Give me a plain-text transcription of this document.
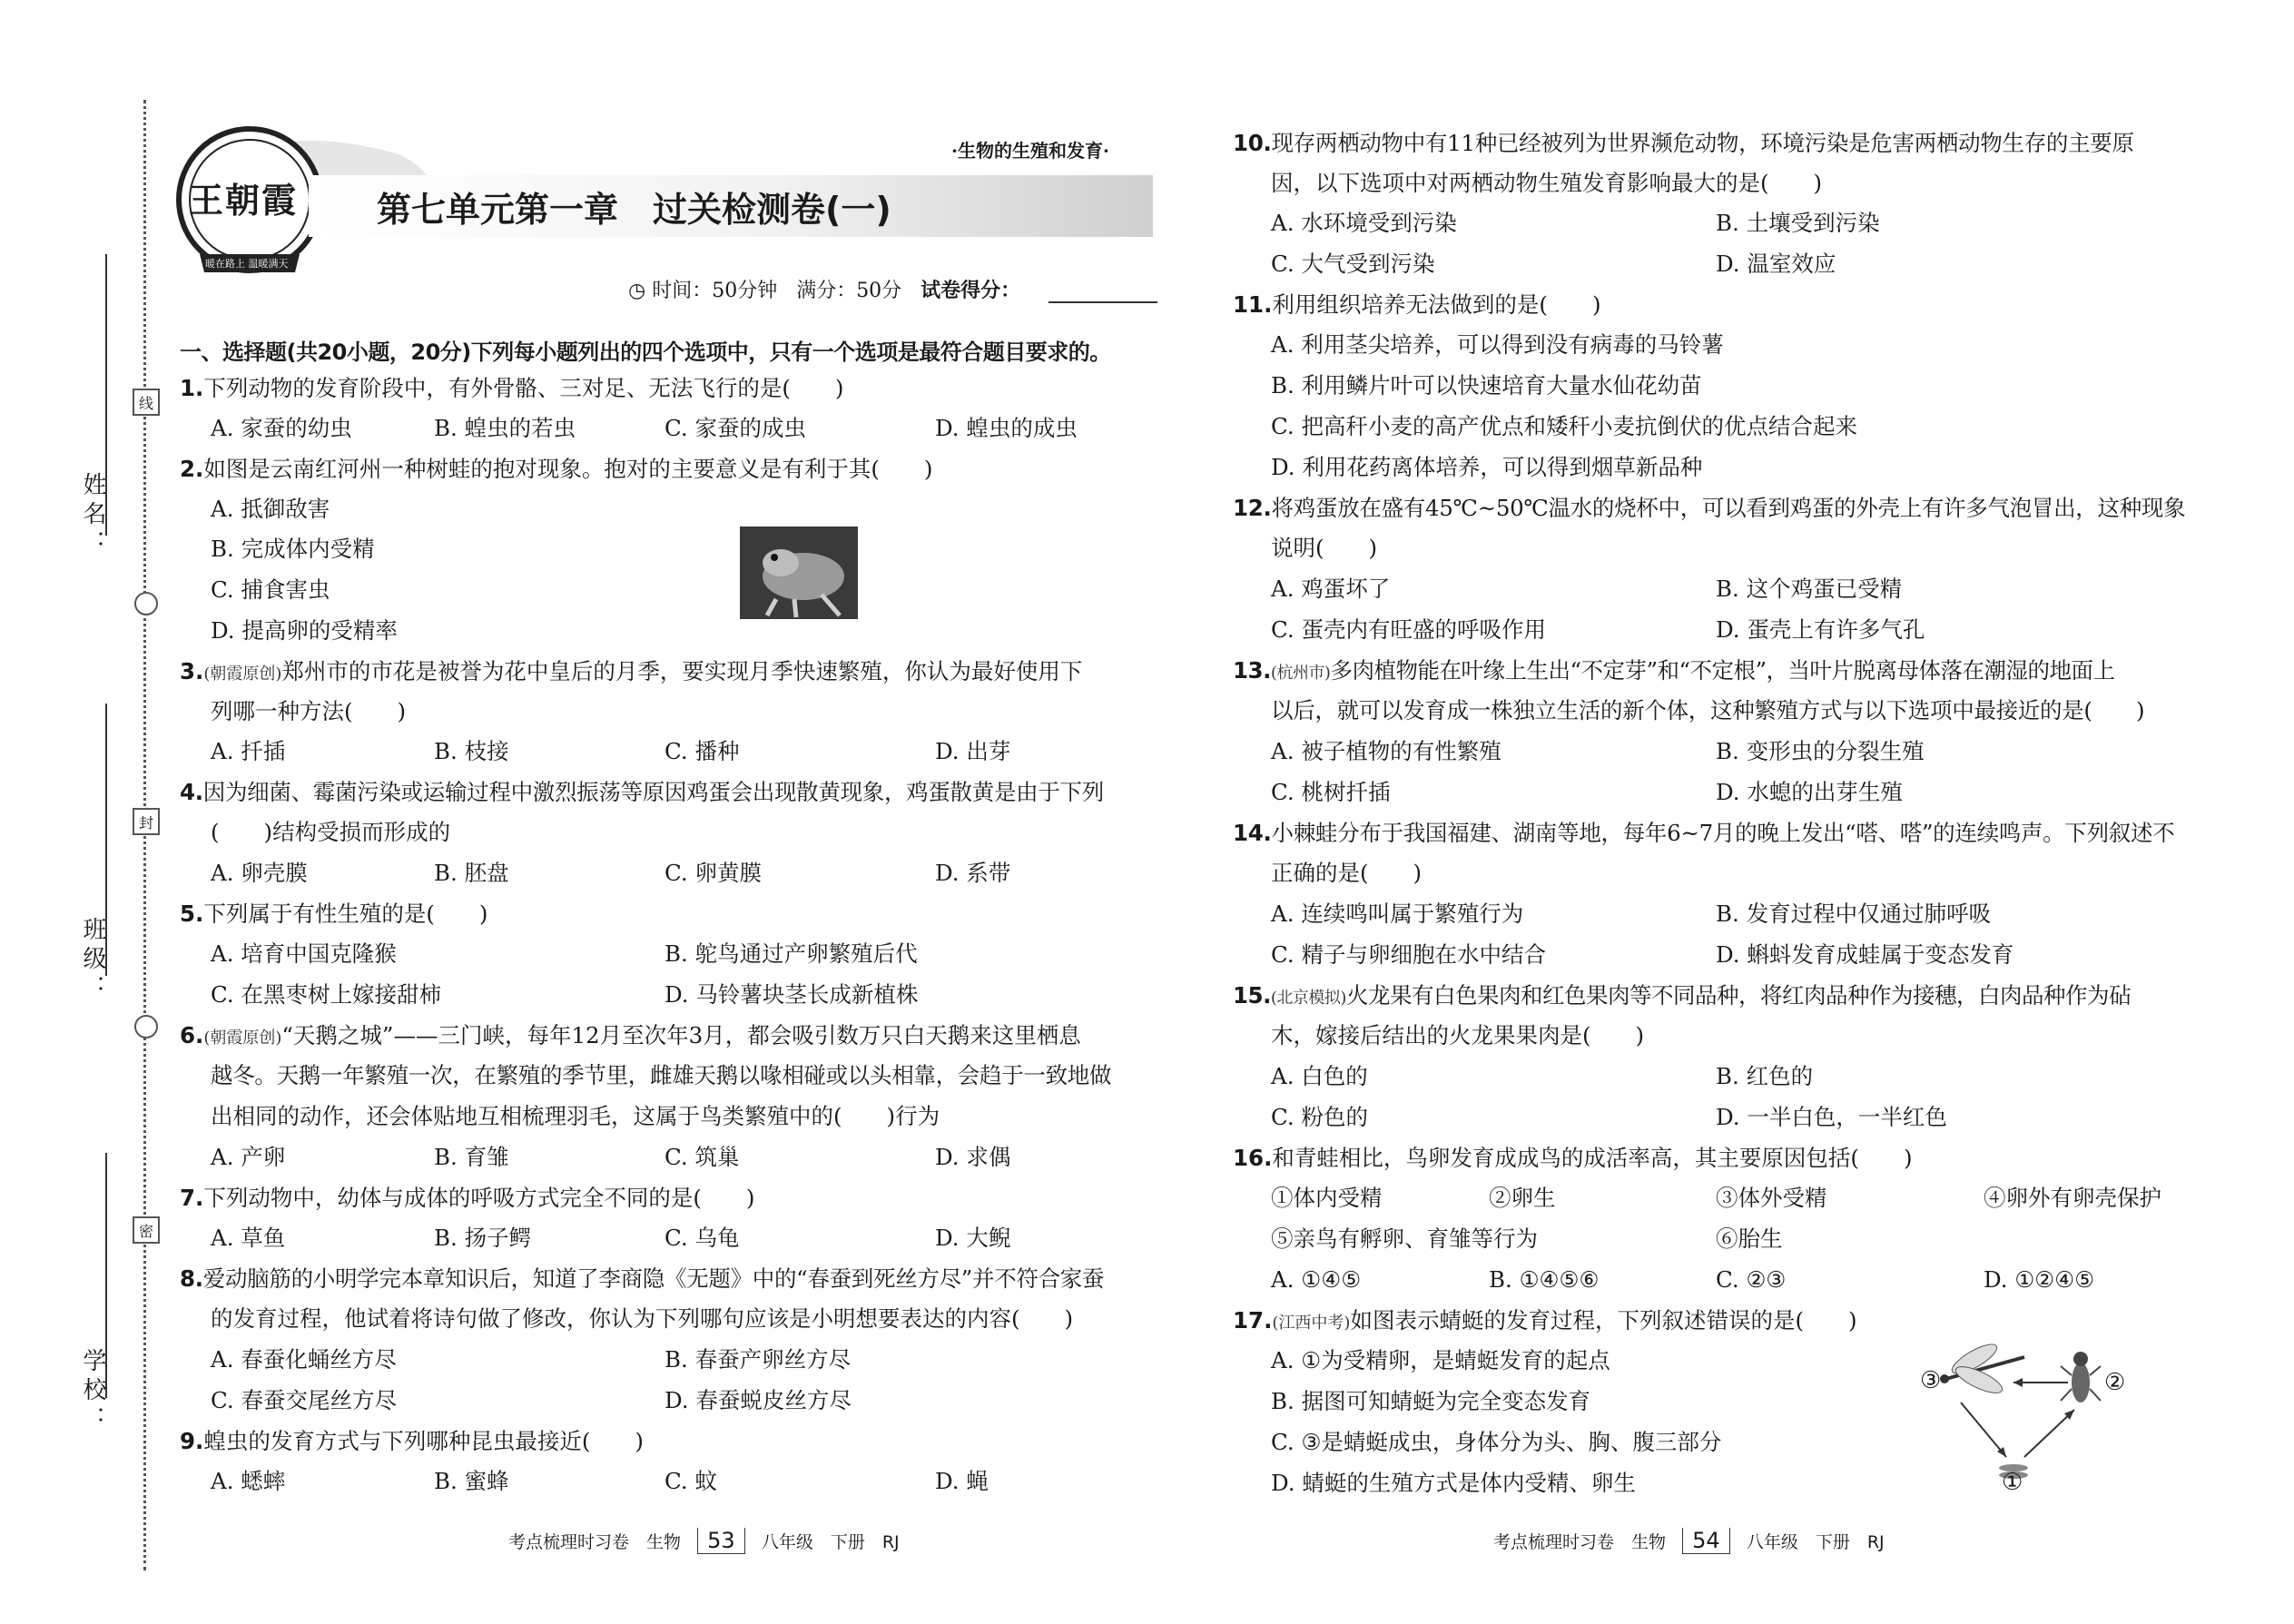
姓名：
班级：
学校：
线
封
密
王朝霞
暖在路上 温暖满天
·生物的生殖和发育·
第七单元第一章　过关检测卷(一)
◷ 时间：50分钟 满分：50分 试卷得分：
一、选择题(共20小题，20分)下列每小题列出的四个选项中，只有一个选项是最符合题目要求的。
1.下列动物的发育阶段中，有外骨骼、三对足、无法飞行的是(　　)
A. 家蚕的幼虫	B. 蝗虫的若虫	C. 家蚕的成虫	D. 蝗虫的成虫
2.如图是云南红河州一种树蛙的抱对现象。抱对的主要意义是有利于其(　　)
A. 抵御敌害
B. 完成体内受精
C. 捕食害虫
D. 提高卵的受精率
3.(朝霞原创)郑州市的市花是被誉为花中皇后的月季，要实现月季快速繁殖，你认为最好使用下
列哪一种方法(　　)
A. 扦插	B. 枝接	C. 播种	D. 出芽
4.因为细菌、霉菌污染或运输过程中激烈振荡等原因鸡蛋会出现散黄现象，鸡蛋散黄是由于下列
(　　)结构受损而形成的
A. 卵壳膜	B. 胚盘	C. 卵黄膜	D. 系带
5.下列属于有性生殖的是(　　)
A. 培育中国克隆猴	B. 鸵鸟通过产卵繁殖后代
C. 在黑枣树上嫁接甜柿	D. 马铃薯块茎长成新植株
6.(朝霞原创)“天鹅之城”——三门峡，每年12月至次年3月，都会吸引数万只白天鹅来这里栖息
越冬。天鹅一年繁殖一次，在繁殖的季节里，雌雄天鹅以喙相碰或以头相靠，会趋于一致地做
出相同的动作，还会体贴地互相梳理羽毛，这属于鸟类繁殖中的(　　)行为
A. 产卵	B. 育雏	C. 筑巢	D. 求偶
7.下列动物中，幼体与成体的呼吸方式完全不同的是(　　)
A. 草鱼	B. 扬子鳄	C. 乌龟	D. 大鲵
8.爱动脑筋的小明学完本章知识后，知道了李商隐《无题》中的“春蚕到死丝方尽”并不符合家蚕
的发育过程，他试着将诗句做了修改，你认为下列哪句应该是小明想要表达的内容(　　)
A. 春蚕化蛹丝方尽	B. 春蚕产卵丝方尽
C. 春蚕交尾丝方尽	D. 春蚕蜕皮丝方尽
9.蝗虫的发育方式与下列哪种昆虫最接近(　　)
A. 蟋蟀	B. 蜜蜂	C. 蚊	D. 蝇
考点梳理时习卷　生物 53 八年级　下册　RJ
10.现存两栖动物中有11种已经被列为世界濒危动物，环境污染是危害两栖动物生存的主要原
因，以下选项中对两栖动物生殖发育影响最大的是(　　)
A. 水环境受到污染	B. 土壤受到污染
C. 大气受到污染	D. 温室效应
11.利用组织培养无法做到的是(　　)
A. 利用茎尖培养，可以得到没有病毒的马铃薯
B. 利用鳞片叶可以快速培育大量水仙花幼苗
C. 把高秆小麦的高产优点和矮秆小麦抗倒伏的优点结合起来
D. 利用花药离体培养，可以得到烟草新品种
12.将鸡蛋放在盛有45℃~50℃温水的烧杯中，可以看到鸡蛋的外壳上有许多气泡冒出，这种现象
说明(　　)
A. 鸡蛋坏了	B. 这个鸡蛋已受精
C. 蛋壳内有旺盛的呼吸作用	D. 蛋壳上有许多气孔
13.(杭州市)多肉植物能在叶缘上生出“不定芽”和“不定根”，当叶片脱离母体落在潮湿的地面上
以后，就可以发育成一株独立生活的新个体，这种繁殖方式与以下选项中最接近的是(　　)
A. 被子植物的有性繁殖	B. 变形虫的分裂生殖
C. 桃树扦插	D. 水螅的出芽生殖
14.小棘蛙分布于我国福建、湖南等地，每年6~7月的晚上发出“嗒、嗒”的连续鸣声。下列叙述不
正确的是(　　)
A. 连续鸣叫属于繁殖行为	B. 发育过程中仅通过肺呼吸
C. 精子与卵细胞在水中结合	D. 蝌蚪发育成蛙属于变态发育
15.(北京模拟)火龙果有白色果肉和红色果肉等不同品种，将红肉品种作为接穗，白肉品种作为砧
木，嫁接后结出的火龙果果肉是(　　)
A. 白色的	B. 红色的
C. 粉色的	D. 一半白色，一半红色
16.和青蛙相比，鸟卵发育成成鸟的成活率高，其主要原因包括(　　)
①体内受精	②卵生	③体外受精	④卵外有卵壳保护
⑤亲鸟有孵卵、育雏等行为	⑥胎生
A. ①④⑤	B. ①④⑤⑥	C. ②③	D. ①②④⑤
17.(江西中考)如图表示蜻蜓的发育过程，下列叙述错误的是(　　)
A. ①为受精卵，是蜻蜓发育的起点
B. 据图可知蜻蜓为完全变态发育
C. ③是蜻蜓成虫，身体分为头、胸、腹三部分
D. 蜻蜓的生殖方式是体内受精、卵生
③	②
①
考点梳理时习卷　生物 54 八年级　下册　RJ
